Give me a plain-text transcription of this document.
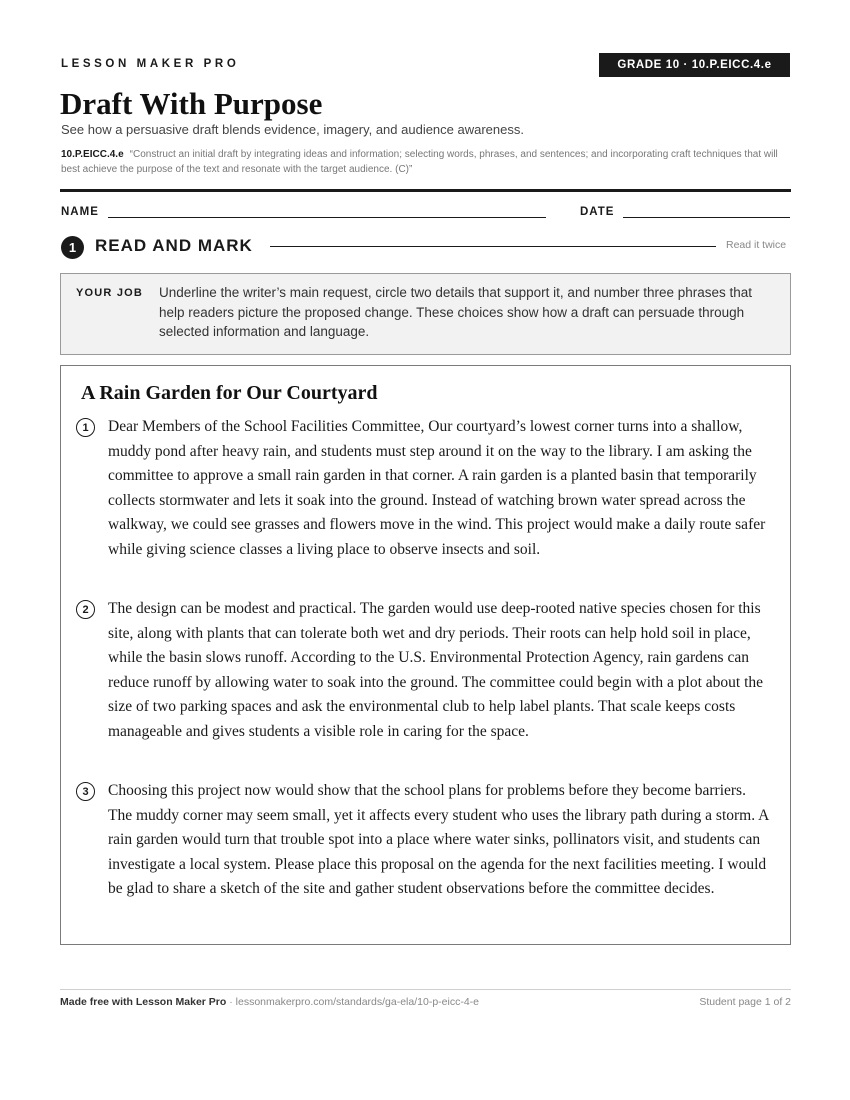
LESSON MAKER PRO	GRADE 10 · 10.P.EICC.4.e
Draft With Purpose
See how a persuasive draft blends evidence, imagery, and audience awareness.
10.P.EICC.4.e “Construct an initial draft by integrating ideas and information; selecting words, phrases, and sentences; and incorporating craft techniques that will best achieve the purpose of the text and resonate with the target audience. (C)”
NAME	DATE
1	READ AND MARK	Read it twice
YOUR JOB Underline the writer’s main request, circle two details that support it, and number three phrases that help readers picture the proposed change. These choices show how a draft can persuade through selected information and language.
A Rain Garden for Our Courtyard
1	Dear Members of the School Facilities Committee, Our courtyard’s lowest corner turns into a shallow, muddy pond after heavy rain, and students must step around it on the way to the library. I am asking the committee to approve a small rain garden in that corner. A rain garden is a planted basin that temporarily collects stormwater and lets it soak into the ground. Instead of watching brown water spread across the walkway, we could see grasses and flowers move in the wind. This project would make a daily route safer while giving science classes a living place to observe insects and soil.
2	The design can be modest and practical. The garden would use deep-rooted native species chosen for this site, along with plants that can tolerate both wet and dry periods. Their roots can help hold soil in place, while the basin slows runoff. According to the U.S. Environmental Protection Agency, rain gardens can reduce runoff by allowing water to soak into the ground. The committee could begin with a plot about the size of two parking spaces and ask the environmental club to help label plants. That scale keeps costs manageable and gives students a visible role in caring for the space.
3	Choosing this project now would show that the school plans for problems before they become barriers. The muddy corner may seem small, yet it affects every student who uses the library path during a storm. A rain garden would turn that trouble spot into a place where water sinks, pollinators visit, and students can investigate a local system. Please place this proposal on the agenda for the next facilities meeting. I would be glad to share a sketch of the site and gather student observations before the committee decides.
Made free with Lesson Maker Pro · lessonmakerpro.com/standards/ga-ela/10-p-eicc-4-e	Student page 1 of 2
